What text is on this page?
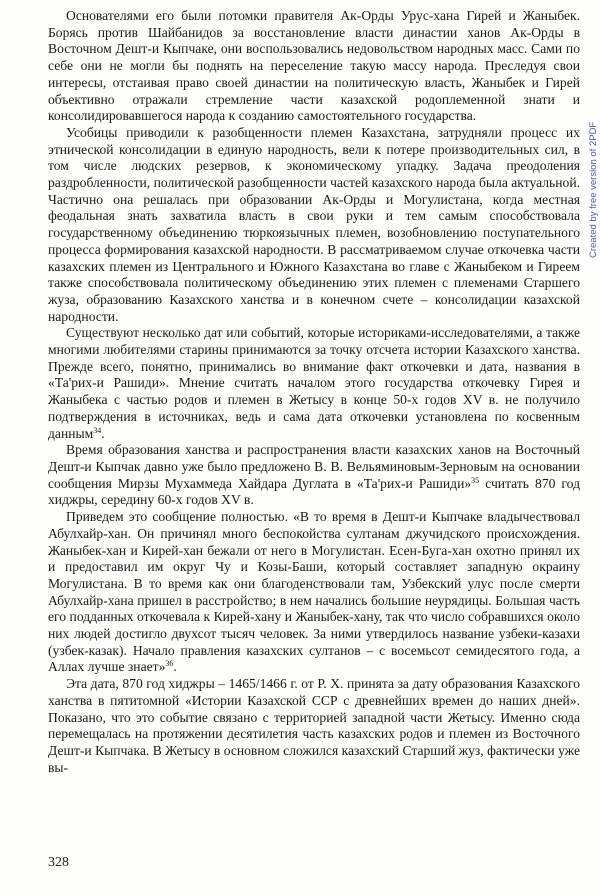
Основателями его были потомки правителя Ак-Орды Урус-хана Гирей и Жаныбек. Борясь против Шайбанидов за восстановление власти династии ханов Ак-Орды в Восточном Дешт-и Кыпчаке, они воспользовались недовольством народных масс. Сами по себе они не могли бы поднять на переселение такую массу народа. Преследуя свои интересы, отстаивая право своей династии на политическую власть, Жаныбек и Гирей объективно отражали стремление части казахской родоплеменной знати и консолидировавшегося народа к созданию самостоятельного государства.

Усобицы приводили к разобщенности племен Казахстана, затрудняли процесс их этнической консолидации в единую народность, вели к потере производительных сил, в том числе людских резервов, к экономическому упадку. Задача преодоления раздробленности, политической разобщенности частей казахского народа была актуальной. Частично она решалась при образовании Ак-Орды и Могулистана, когда местная феодальная знать захватила власть в свои руки и тем самым способствовала государственному объединению тюркоязычных племен, возобновлению поступательного процесса формирования казахской народности. В рассматриваемом случае откочевка части казахских племен из Центрального и Южного Казахстана во главе с Жаныбеком и Гиреем также способствовала политическому объединению этих племен с племенами Старшего жуза, образованию Казахского ханства и в конечном счете – консолидации казахской народности.

Существуют несколько дат или событий, которые историками-исследователями, а также многими любителями старины принимаются за точку отсчета истории Казахского ханства. Прежде всего, понятно, принимались во внимание факт откочевки и дата, названия в «Та'рих-и Рашиди». Мнение считать началом этого государства откочевку Гирея и Жаныбека с частью родов и племен в Жетысу в конце 50-х годов XV в. не получило подтверждения в источниках, ведь и сама дата откочевки установлена по косвенным данным$^{34}$.

Время образования ханства и распространения власти казахских ханов на Восточный Дешт-и Кыпчак давно уже было предложено В. В. Вельяминовым-Зерновым на основании сообщения Мирзы Мухаммеда Хайдара Дуглата в «Та'рих-и Рашиди»$^{35}$ считать 870 год хиджры, середину 60-х годов XV в.

Приведем это сообщение полностью. «В то время в Дешт-и Кыпчаке владычествовал Абулхайр-хан. Он причинял много беспокойства султанам джучидского происхождения. Жаныбек-хан и Кирей-хан бежали от него в Могулистан. Есен-Буга-хан охотно принял их и предоставил им округ Чу и Козы-Баши, который составляет западную окраину Могулистана. В то время как они благоденствовали там, Узбекский улус после смерти Абулхайр-хана пришел в расстройство; в нем начались большие неурядицы. Большая часть его подданных откочевала к Кирей-хану и Жаныбек-хану, так что число собравшихся около них людей достигло двухсот тысяч человек. За ними утвердилось название узбеки-казахи (узбек-казак). Начало правления казахских султанов – с восемьсот семидесятого года, а Аллах лучше знает»$^{36}$.

Эта дата, 870 год хиджры – 1465/1466 г. от Р. Х. принята за дату образования Казахского ханства в пятитомной «Истории Казахской ССР с древнейших времен до наших дней». Показано, что это событие связано с территорией западной части Жетысу. Именно сюда перемещалась на протяжении десятилетия часть казахских родов и племен из Восточного Дешт-и Кыпчака. В Жетысу в основном сложился казахский Старший жуз, фактически уже вы-

328
Created by free version of 2PDF
